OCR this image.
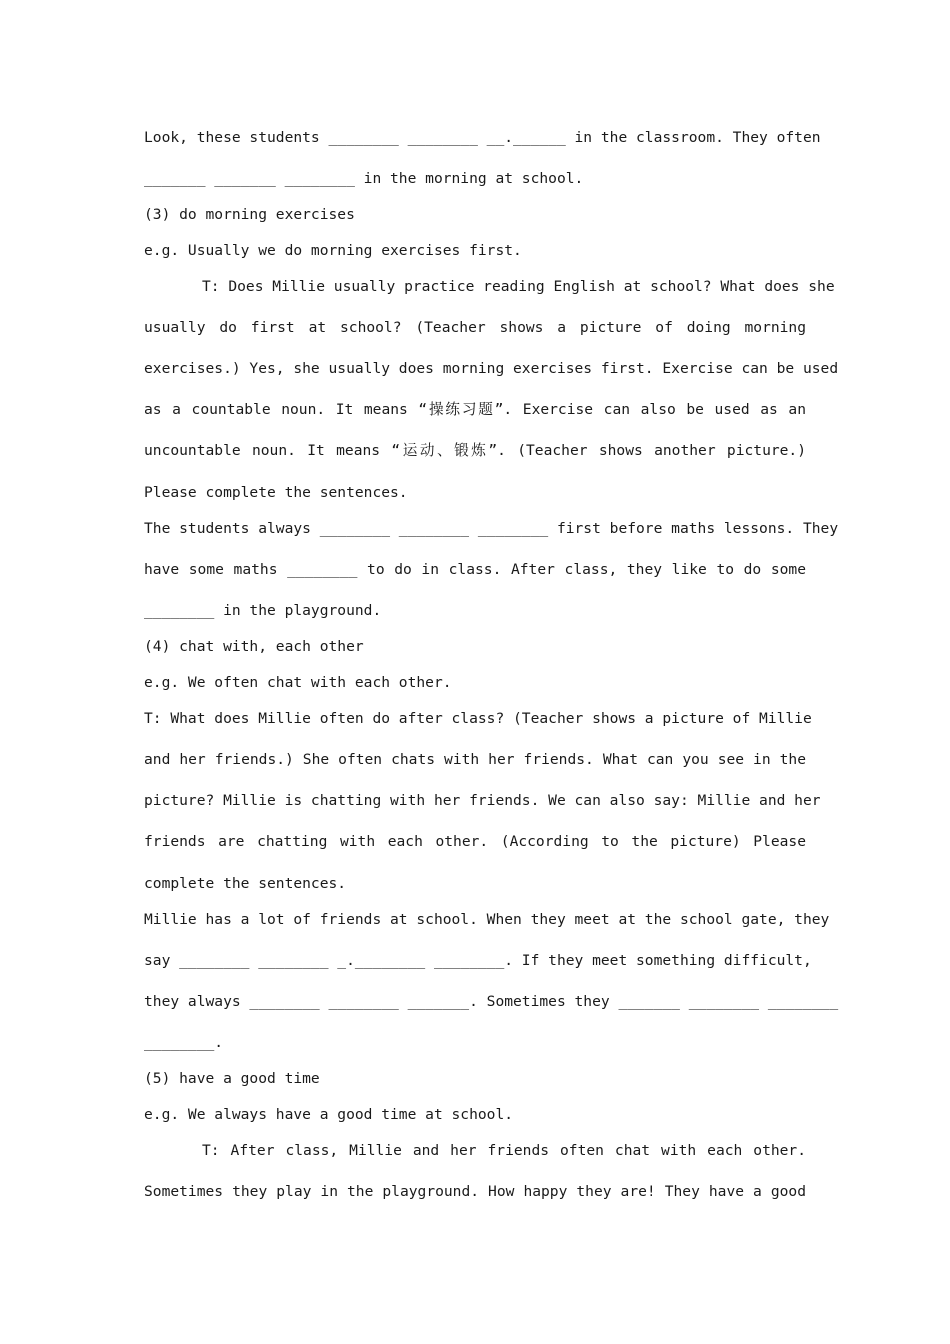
Look, these students ________ ________ __.______ in the classroom. They often
_______ _______ ________ in the morning at school.
(3) do morning exercises
e.g. Usually we do morning exercises first.
T: Does Millie usually practice reading English at school? What does she
usually do first at school? (Teacher shows a picture of doing morning
exercises.) Yes, she usually does morning exercises first. Exercise can be used
as a countable noun. It means “操练习题”. Exercise can also be used as an
uncountable noun. It means “运动、锻炼”. (Teacher shows another picture.)
Please complete the sentences.
The students always ________ ________ ________ first before maths lessons. They
have some maths ________ to do in class. After class, they like to do some
________ in the playground.
(4) chat with, each other
e.g. We often chat with each other.
T: What does Millie often do after class? (Teacher shows a picture of Millie
and her friends.) She often chats with her friends. What can you see in the
picture? Millie is chatting with her friends. We can also say: Millie and her
friends are chatting with each other. (According to the picture) Please
complete the sentences.
Millie has a lot of friends at school. When they meet at the school gate, they
say ________ ________ _.________ ________. If they meet something difficult,
they always ________ ________ _______. Sometimes they _______ ________ ________
________.
(5) have a good time
e.g. We always have a good time at school.
T: After class, Millie and her friends often chat with each other.
Sometimes they play in the playground. How happy they are! They have a good
